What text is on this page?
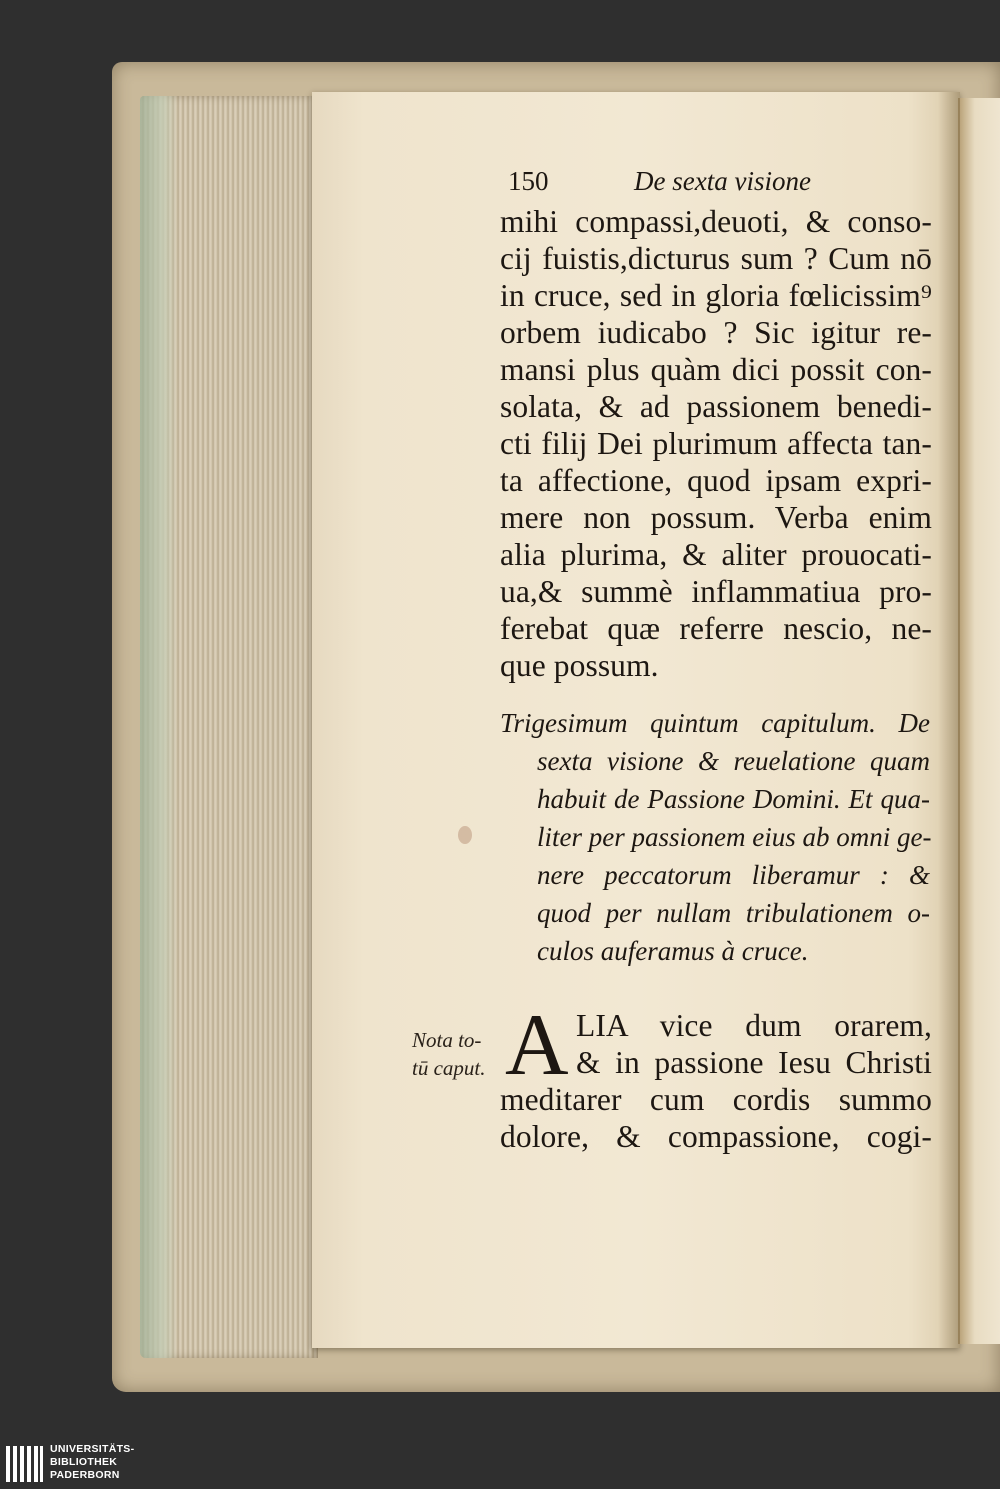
150	De sexta visione
mihi compassi,deuoti, & conso-
cij fuistis,dicturus sum ? Cum nō
in cruce, sed in gloria fœlicissim⁹
orbem iudicabo ? Sic igitur re-
mansi plus quàm dici possit con-
solata, & ad passionem benedi-
cti filij Dei plurimum affecta tan-
ta affectione, quod ipsam expri-
mere non possum. Verba enim
alia plurima, & aliter prouocati-
ua,& summè inflammatiua pro-
ferebat quæ referre nescio, ne-
que possum.
Trigesimum quintum capitulum. De
sexta visione & reuelatione quam
habuit de Passione Domini. Et qua-
liter per passionem eius ab omni ge-
nere peccatorum liberamur : &
quod per nullam tribulationem o-
culos auferamus à cruce.
Nota to-
tū caput. A LIA vice dum orarem,
& in passione Iesu Christi
meditarer cum cordis summo
dolore, & compassione, cogi-
UNIVERSITÄTS-
BIBLIOTHEK
PADERBORN
